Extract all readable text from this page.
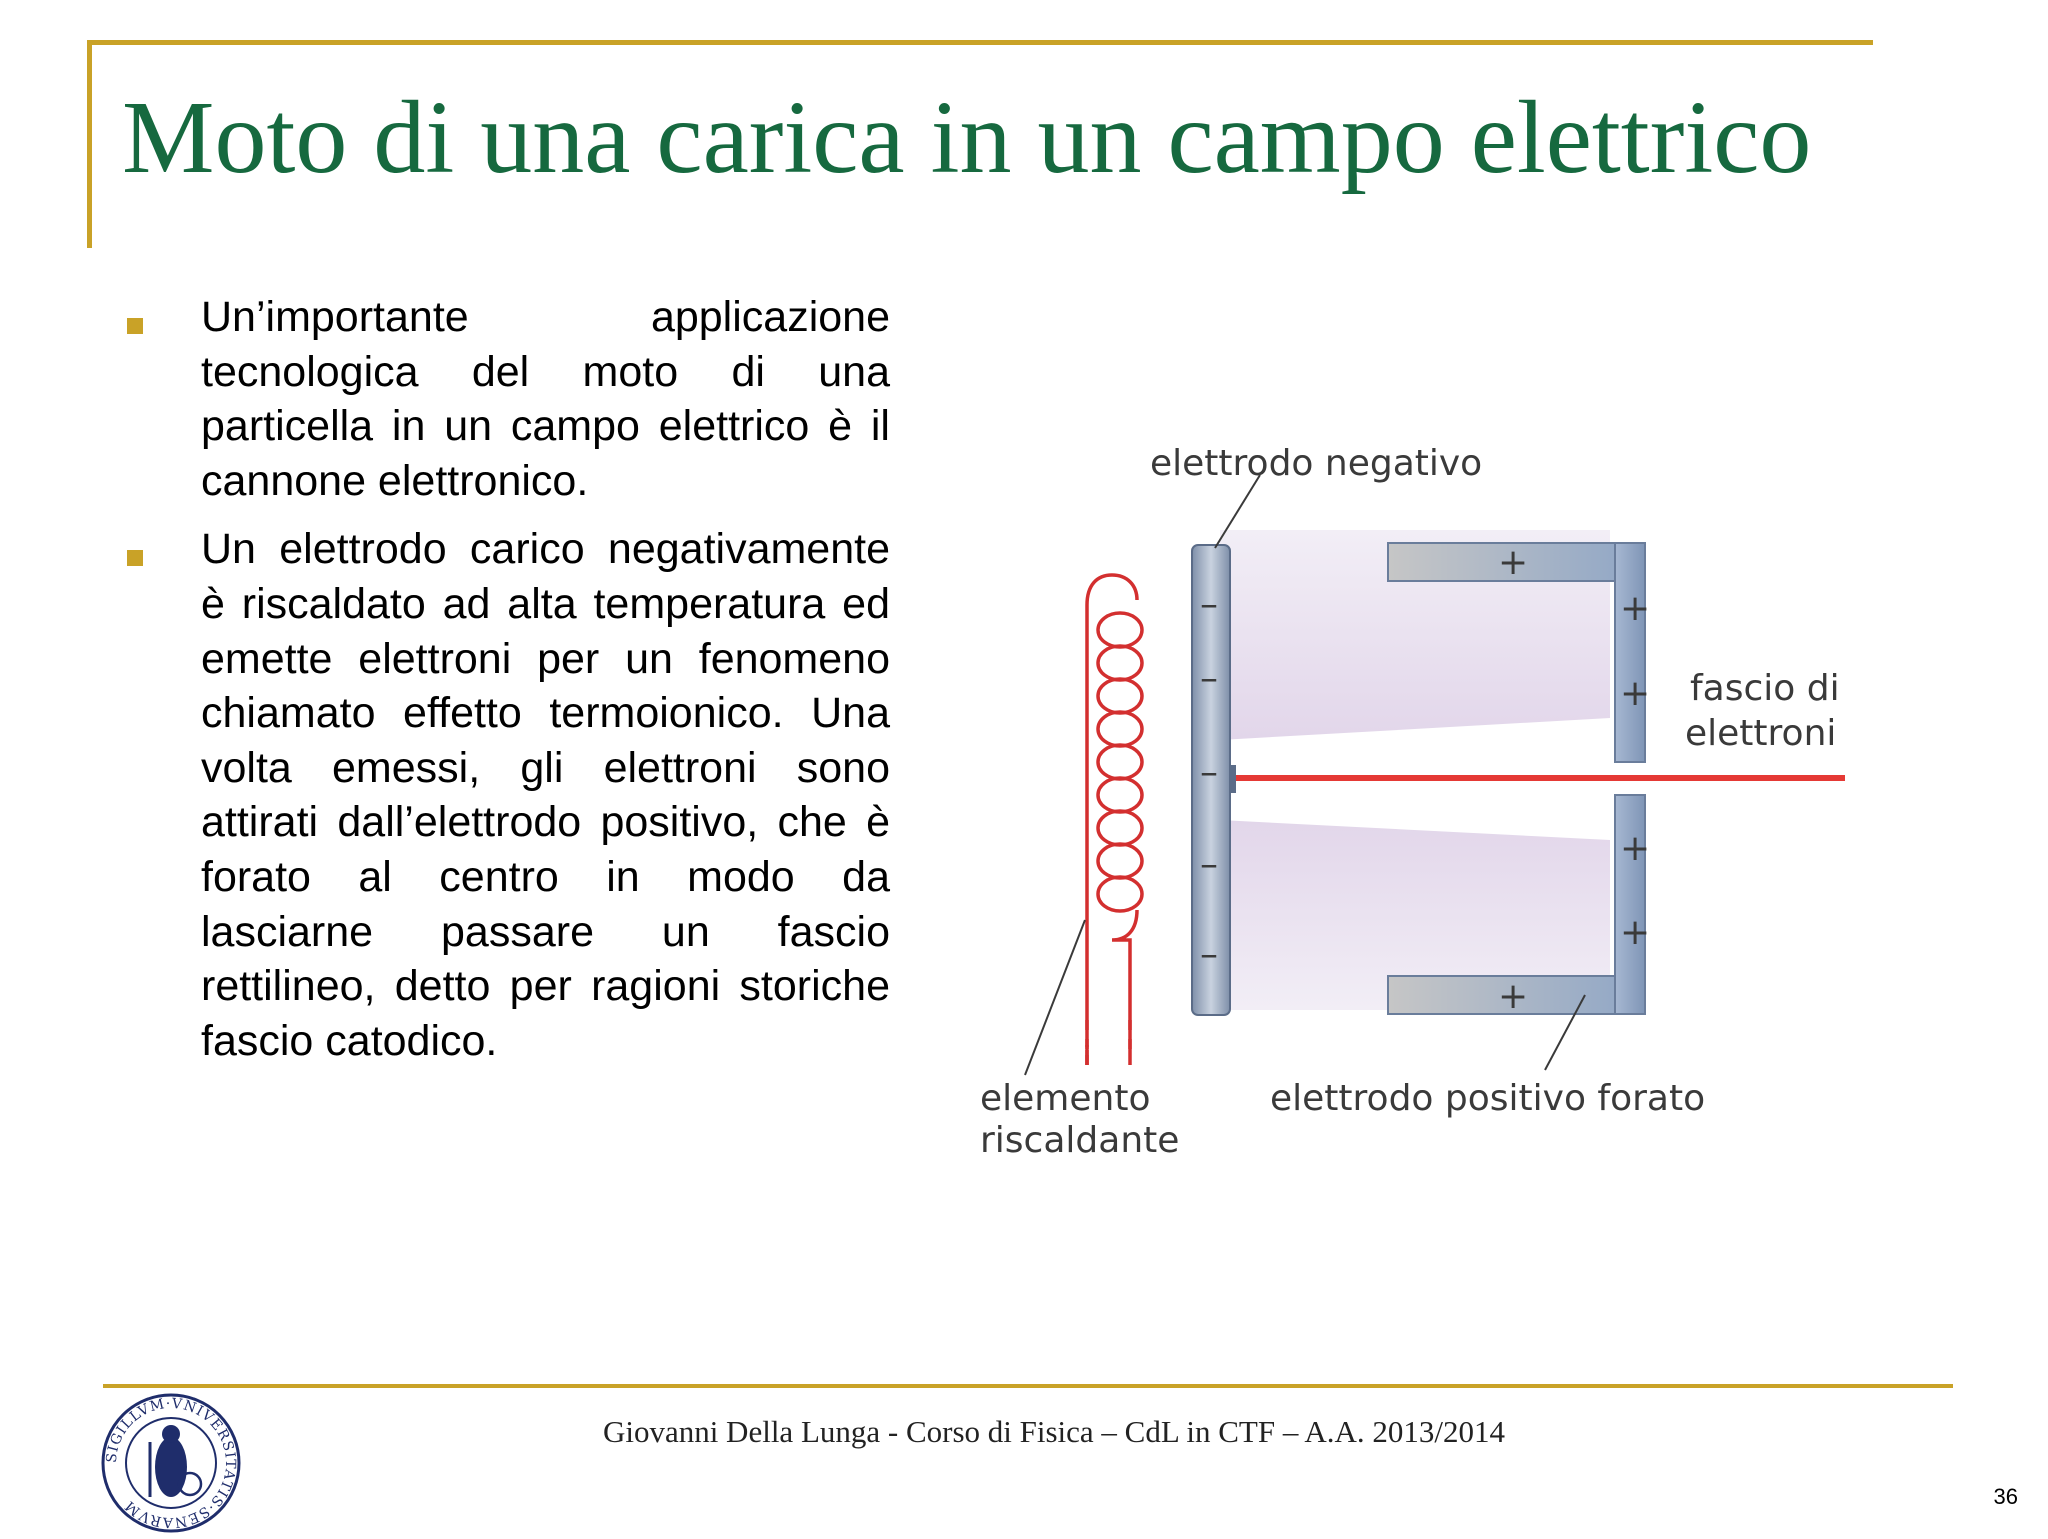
Moto di una carica in un campo elettrico
Un’importante applicazione tecnologica del moto di una particella in un campo elettrico è il cannone elettronico.
Un elettrodo carico negativamente è riscaldato ad alta temperatura ed emette elettroni per un fenomeno chiamato effetto termoionico. Una volta emessi, gli elettroni sono attirati dall’elettrodo positivo, che è forato al centro in modo da lasciarne passare un fascio rettilineo, detto per ragioni storiche fascio catodico.
–
–
–
–
–
+
+
+
+
+
+
elettrodo negativo
fascio di
elettroni
elemento
riscaldante
elettrodo positivo forato
SIGILLVM·VNIVERSITATIS·SENARVM

Giovanni Della Lunga - Corso di Fisica – CdL in CTF – A.A. 2013/2014

36
